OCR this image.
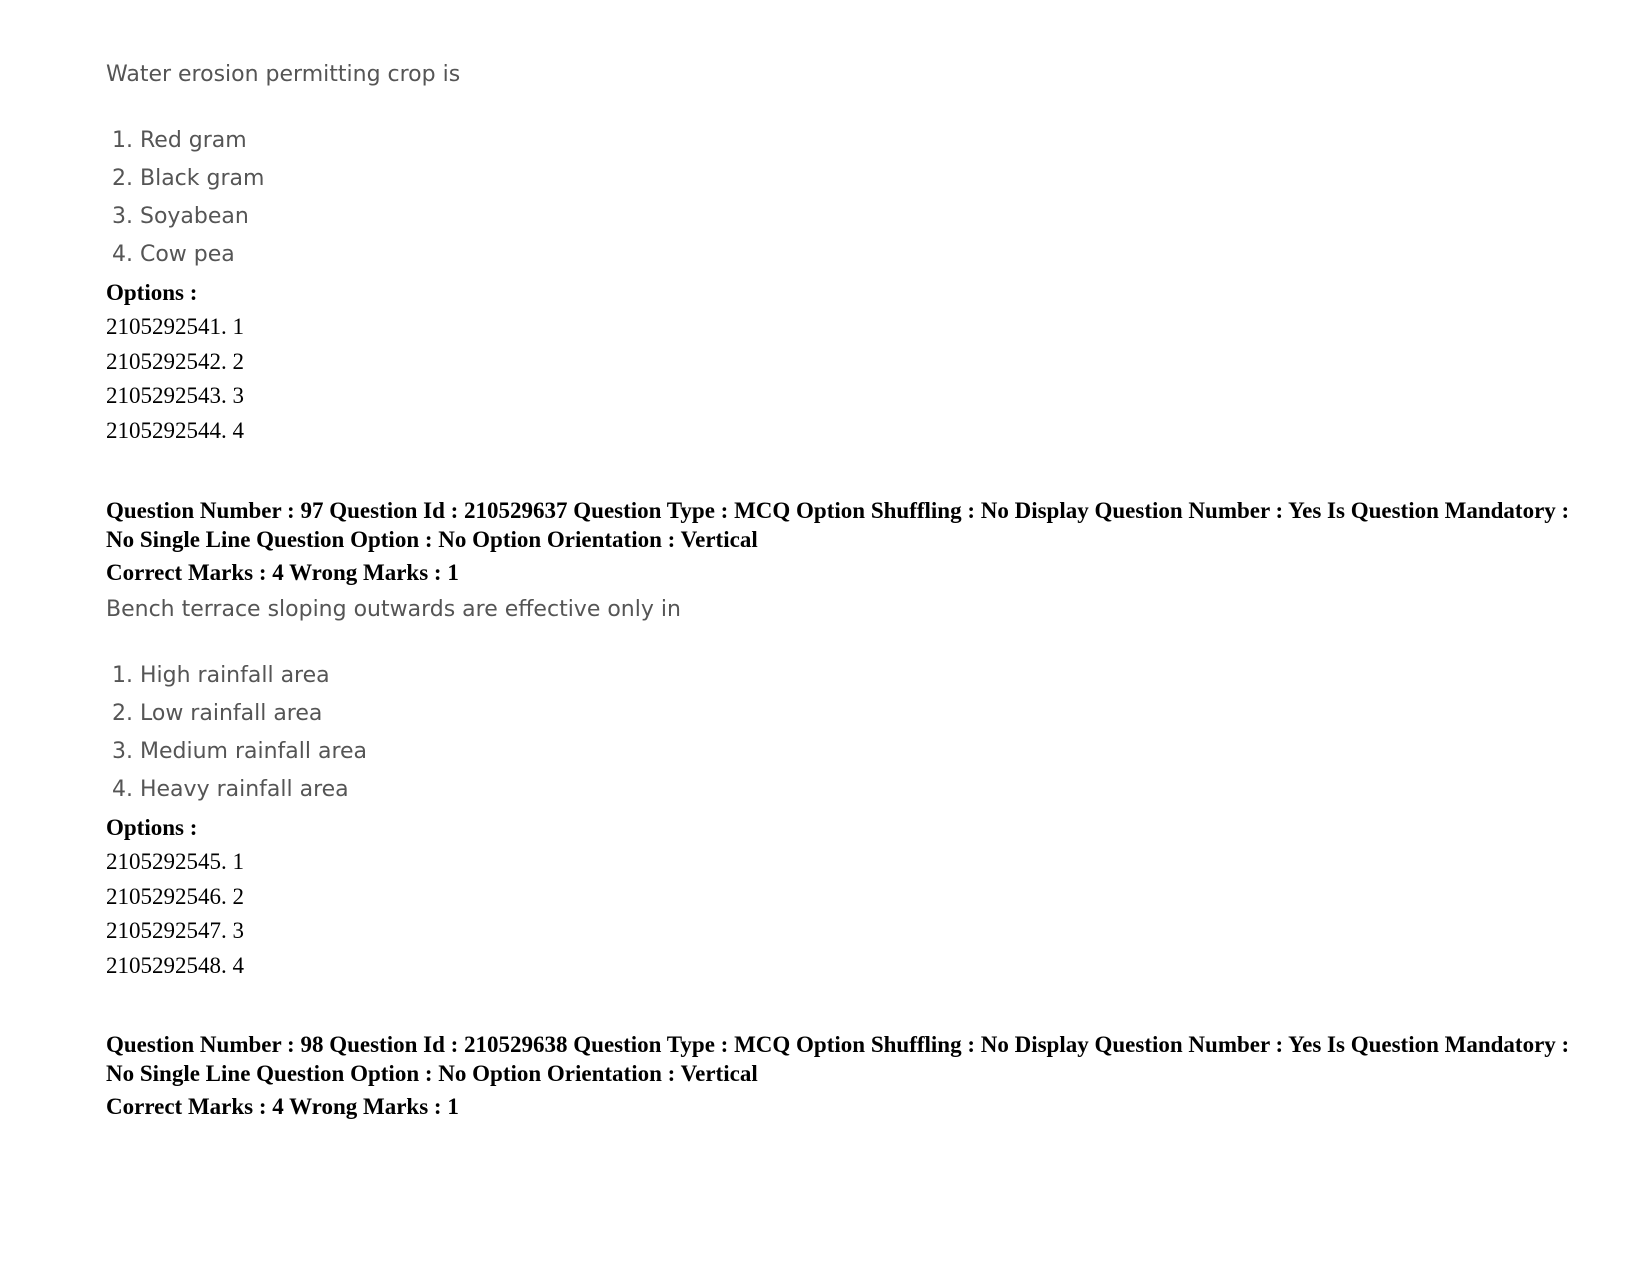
Water erosion permitting crop is

1. Red gram
2. Black gram
3. Soyabean
4. Cow pea

Options :

2105292541. 1
2105292542. 2
2105292543. 3
2105292544. 4

Question Number : 97 Question Id : 210529637 Question Type : MCQ Option Shuffling : No Display Question Number : Yes Is Question Mandatory : No Single Line Question Option : No Option Orientation : Vertical

Correct Marks : 4 Wrong Marks : 1

Bench terrace sloping outwards are effective only in

1. High rainfall area
2. Low rainfall area
3. Medium rainfall area
4. Heavy rainfall area

Options :

2105292545. 1
2105292546. 2
2105292547. 3
2105292548. 4

Question Number : 98 Question Id : 210529638 Question Type : MCQ Option Shuffling : No Display Question Number : Yes Is Question Mandatory : No Single Line Question Option : No Option Orientation : Vertical

Correct Marks : 4 Wrong Marks : 1
